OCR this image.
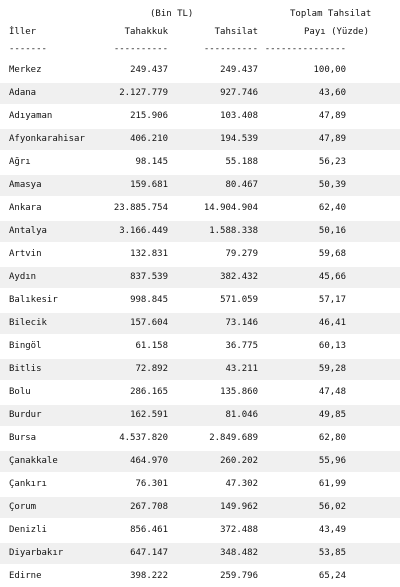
(Bin TL)	Toplam Tahsilat
İller	Tahakkuk	Tahsilat	Payı (Yüzde)
-------	----------	---------- ---------------
Merkez	249.437	249.437	100,00
Adana	2.127.779	927.746	43,60
Adıyaman	215.906	103.408	47,89
Afyonkarahisar	406.210	194.539	47,89
Ağrı	98.145	55.188	56,23
Amasya	159.681	80.467	50,39
Ankara	23.885.754	14.904.904	62,40
Antalya	3.166.449	1.588.338	50,16
Artvin	132.831	79.279	59,68
Aydın	837.539	382.432	45,66
Balıkesir	998.845	571.059	57,17
Bilecik	157.604	73.146	46,41
Bingöl	61.158	36.775	60,13
Bitlis	72.892	43.211	59,28
Bolu	286.165	135.860	47,48
Burdur	162.591	81.046	49,85
Bursa	4.537.820	2.849.689	62,80
Çanakkale	464.970	260.202	55,96
Çankırı	76.301	47.302	61,99
Çorum	267.708	149.962	56,02
Denizli	856.461	372.488	43,49
Diyarbakır	647.147	348.482	53,85
Edirne	398.222	259.796	65,24
